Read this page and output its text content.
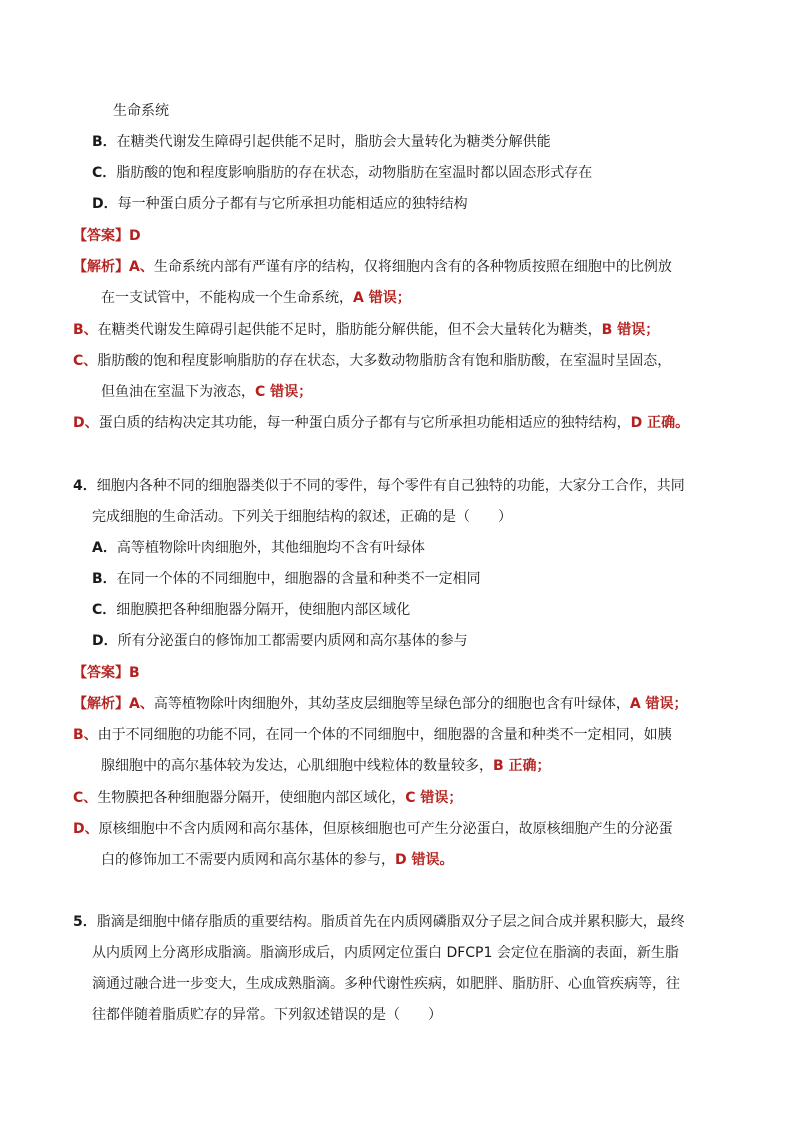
生命系统
B．在糖类代谢发生障碍引起供能不足时，脂肪会大量转化为糖类分解供能
C．脂肪酸的饱和程度影响脂肪的存在状态，动物脂肪在室温时都以固态形式存在
D．每一种蛋白质分子都有与它所承担功能相适应的独特结构
【答案】D
【解析】A、生命系统内部有严谨有序的结构，仅将细胞内含有的各种物质按照在细胞中的比例放
在一支试管中，不能构成一个生命系统，A 错误；
B、在糖类代谢发生障碍引起供能不足时，脂肪能分解供能，但不会大量转化为糖类，B 错误；
C、脂肪酸的饱和程度影响脂肪的存在状态，大多数动物脂肪含有饱和脂肪酸，在室温时呈固态，
但鱼油在室温下为液态，C 错误；
D、蛋白质的结构决定其功能，每一种蛋白质分子都有与它所承担功能相适应的独特结构，D 正确。
4．细胞内各种不同的细胞器类似于不同的零件，每个零件有自己独特的功能，大家分工合作，共同
完成细胞的生命活动。下列关于细胞结构的叙述，正确的是（　　）
A．高等植物除叶肉细胞外，其他细胞均不含有叶绿体
B．在同一个体的不同细胞中，细胞器的含量和种类不一定相同
C．细胞膜把各种细胞器分隔开，使细胞内部区域化
D．所有分泌蛋白的修饰加工都需要内质网和高尔基体的参与
【答案】B
【解析】A、高等植物除叶肉细胞外，其幼茎皮层细胞等呈绿色部分的细胞也含有叶绿体，A 错误；
B、由于不同细胞的功能不同，在同一个体的不同细胞中，细胞器的含量和种类不一定相同，如胰
腺细胞中的高尔基体较为发达，心肌细胞中线粒体的数量较多，B 正确；
C、生物膜把各种细胞器分隔开，使细胞内部区域化，C 错误；
D、原核细胞中不含内质网和高尔基体，但原核细胞也可产生分泌蛋白，故原核细胞产生的分泌蛋
白的修饰加工不需要内质网和高尔基体的参与，D 错误。
5．脂滴是细胞中储存脂质的重要结构。脂质首先在内质网磷脂双分子层之间合成并累积膨大，最终
从内质网上分离形成脂滴。脂滴形成后，内质网定位蛋白 DFCP1 会定位在脂滴的表面，新生脂
滴通过融合进一步变大，生成成熟脂滴。多种代谢性疾病，如肥胖、脂肪肝、心血管疾病等，往
往都伴随着脂质贮存的异常。下列叙述错误的是（　　）
